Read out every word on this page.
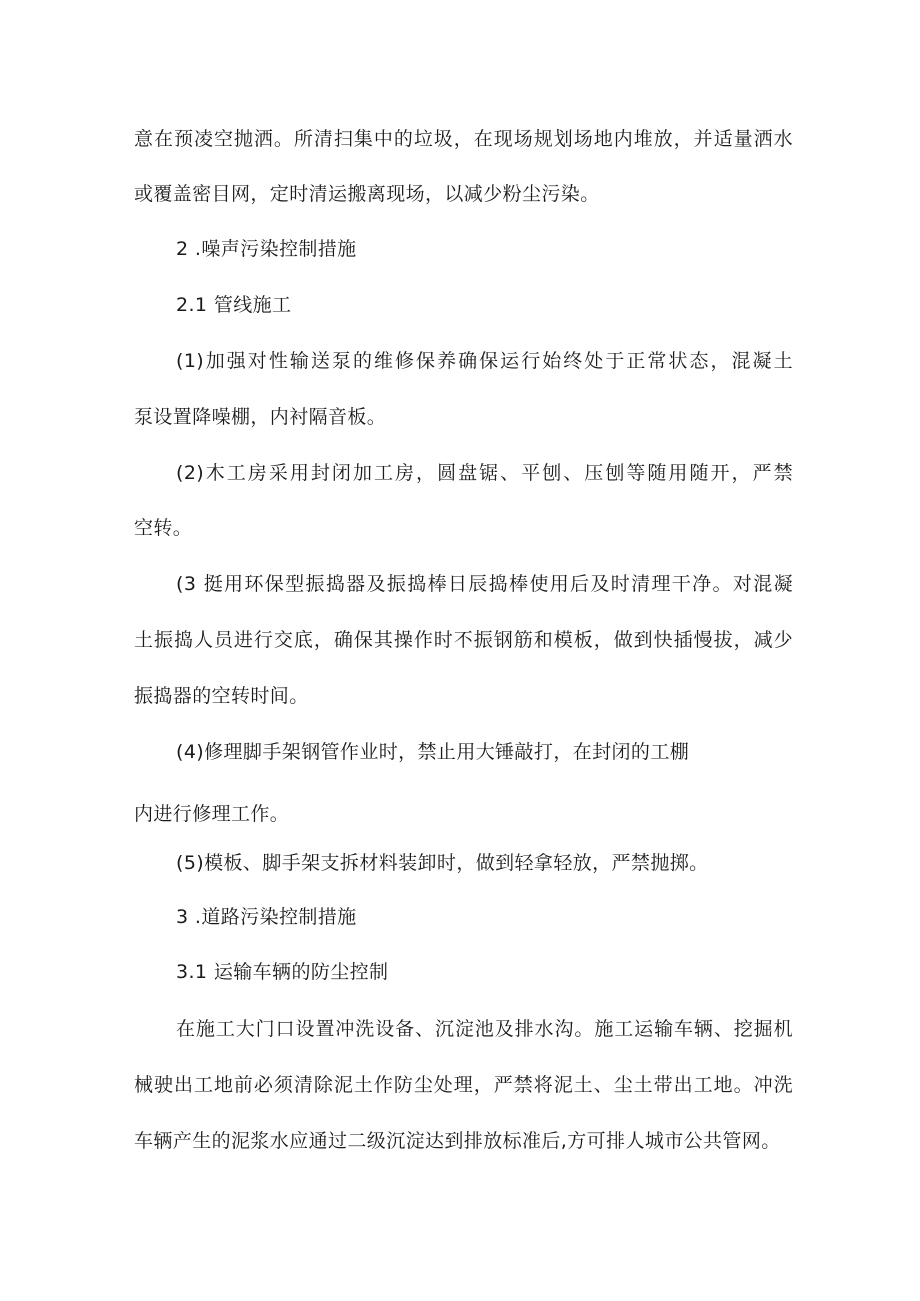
意在预凌空抛洒。所清扫集中的垃圾，在现场规划场地内堆放，并适量洒水
或覆盖密目网，定时清运搬离现场，以减少粉尘污染。
2 .噪声污染控制措施
2.1 管线施工
(1)加强对性输送泵的维修保养确保运行始终处于正常状态，混凝土
泵设置降噪棚，内衬隔音板。
(2)木工房采用封闭加工房，圆盘锯、平刨、压刨等随用随开，严禁
空转。
(3 挺用环保型振捣器及振捣棒日辰捣棒使用后及时清理干净。对混凝
土振捣人员进行交底，确保其操作时不振钢筋和模板，做到快插慢拔，减少
振捣器的空转时间。
(4)修理脚手架钢管作业时，禁止用大锤敲打，在封闭的工棚
内进行修理工作。
(5)模板、脚手架支拆材料装卸时，做到轻拿轻放，严禁抛掷。
3 .道路污染控制措施
3.1 运输车辆的防尘控制
在施工大门口设置冲洗设备、沉淀池及排水沟。施工运输车辆、挖掘机
械驶出工地前必须清除泥土作防尘处理，严禁将泥土、尘土带出工地。冲洗
车辆产生的泥浆水应通过二级沉淀达到排放标准后,方可排人城市公共管网。
